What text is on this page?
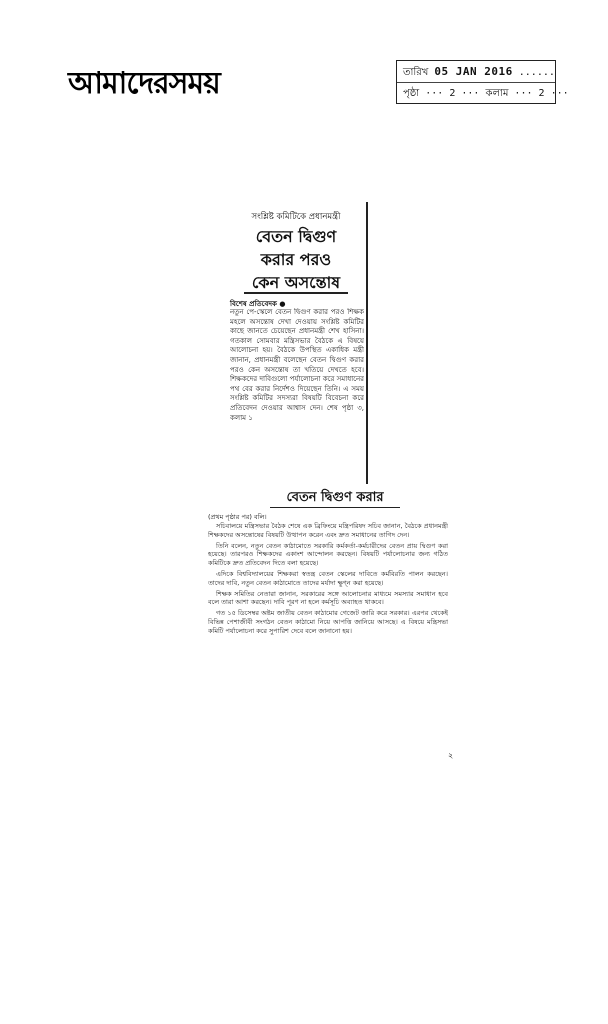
আমাদেরসময়	তারিখ 05 JAN 2016 ......
পৃষ্ঠা ··· 2 ··· কলাম ··· 2 ···
সংশ্লিষ্ট কমিটিকে প্রধানমন্ত্রী
বেতন দ্বিগুণ
করার পরও
কেন অসন্তোষ
বিশেষ প্রতিবেদক ●
নতুন পে-স্কেলে বেতন দ্বিগুণ করার পরও শিক্ষক মহলে অসন্তোষ দেখা দেওয়ায় সংশ্লিষ্ট কমিটির কাছে জানতে চেয়েছেন প্রধানমন্ত্রী শেখ হাসিনা। গতকাল সোমবার মন্ত্রিসভার বৈঠকে এ বিষয়ে আলোচনা হয়। বৈঠকে উপস্থিত একাধিক মন্ত্রী জানান, প্রধানমন্ত্রী বলেছেন বেতন দ্বিগুণ করার পরও কেন অসন্তোষ তা খতিয়ে দেখতে হবে। শিক্ষকদের দাবিগুলো পর্যালোচনা করে সমাধানের পথ বের করার নির্দেশও দিয়েছেন তিনি। এ সময় সংশ্লিষ্ট কমিটির সদস্যরা বিষয়টি বিবেচনা করে প্রতিবেদন দেওয়ার আশ্বাস দেন। শেষ পৃষ্ঠা ৩, কলাম ১
বেতন দ্বিগুণ করার
(প্রথম পৃষ্ঠার পর) বলি।

সচিবালয়ে মন্ত্রিসভার বৈঠক শেষে এক ব্রিফিংয়ে মন্ত্রিপরিষদ সচিব জানান, বৈঠকে প্রধানমন্ত্রী শিক্ষকদের অসন্তোষের বিষয়টি উত্থাপন করেন এবং দ্রুত সমাধানের তাগিদ দেন।

তিনি বলেন, নতুন বেতন কাঠামোতে সরকারি কর্মকর্তা-কর্মচারীদের বেতন প্রায় দ্বিগুণ করা হয়েছে। তারপরও শিক্ষকদের একাংশ আন্দোলন করছেন। বিষয়টি পর্যালোচনার জন্য গঠিত কমিটিকে দ্রুত প্রতিবেদন দিতে বলা হয়েছে।

এদিকে বিশ্ববিদ্যালয়ের শিক্ষকরা স্বতন্ত্র বেতন স্কেলের দাবিতে কর্মবিরতি পালন করছেন। তাদের দাবি, নতুন বেতন কাঠামোতে তাদের মর্যাদা ক্ষুণ্ন করা হয়েছে।

শিক্ষক সমিতির নেতারা জানান, সরকারের সঙ্গে আলোচনার মাধ্যমে সমস্যার সমাধান হবে বলে তারা আশা করছেন। দাবি পূরণ না হলে কর্মসূচি অব্যাহত থাকবে।

গত ১৫ ডিসেম্বর অষ্টম জাতীয় বেতন কাঠামোর গেজেট জারি করে সরকার। এরপর থেকেই বিভিন্ন পেশাজীবী সংগঠন বেতন কাঠামো নিয়ে আপত্তি জানিয়ে আসছে। এ বিষয়ে মন্ত্রিসভা কমিটি পর্যালোচনা করে সুপারিশ দেবে বলে জানানো হয়।

২
